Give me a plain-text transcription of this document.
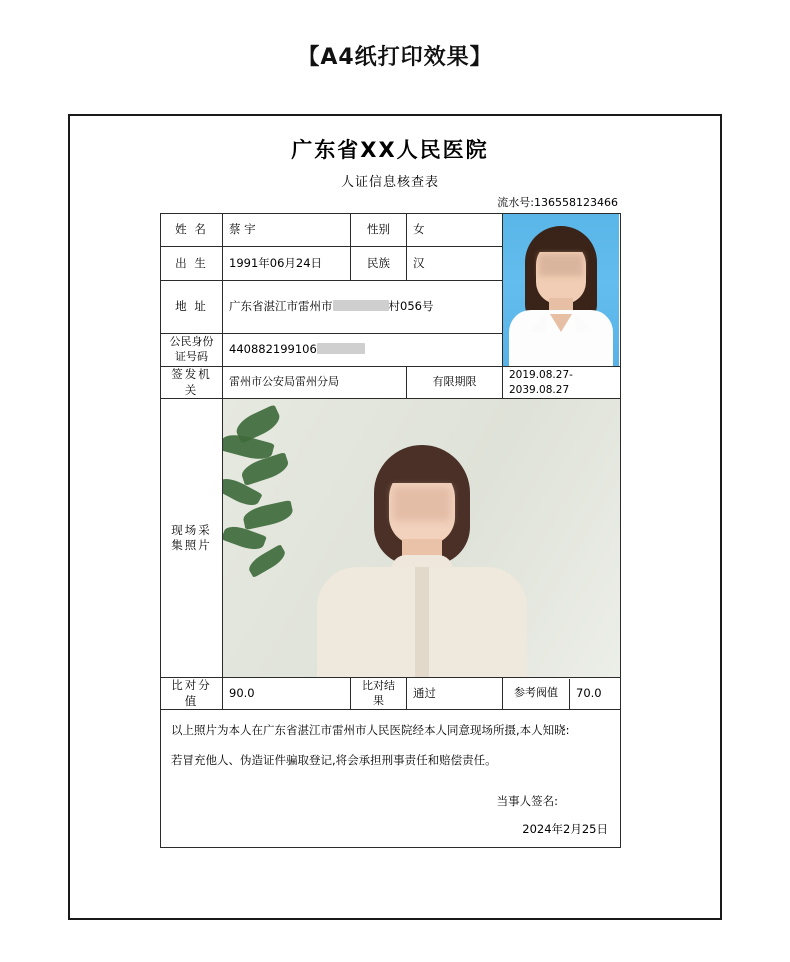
【A4纸打印效果】
广东省XX人民医院
人证信息核查表
流水号:136558123466
姓 名	蔡 宇	性别	女	

出 生	1991年06月24日	民族	汉
地 址	广东省湛江市雷州市	村056号
公民身份证号码	440882199106
签发机关	雷州市公安局雷州分局	有限期限	2019.08.27-2039.08.27
现场采集照片	

比对分值	90.0	比对结果	通过		参考阀值	70.0

以上照片为本人在广东省湛江市雷州市人民医院经本人同意现场所摄,本人知晓:

若冒充他人、伪造证件骗取登记,将会承担刑事责任和赔偿责任。

当事人签名:
2024年2月25日
